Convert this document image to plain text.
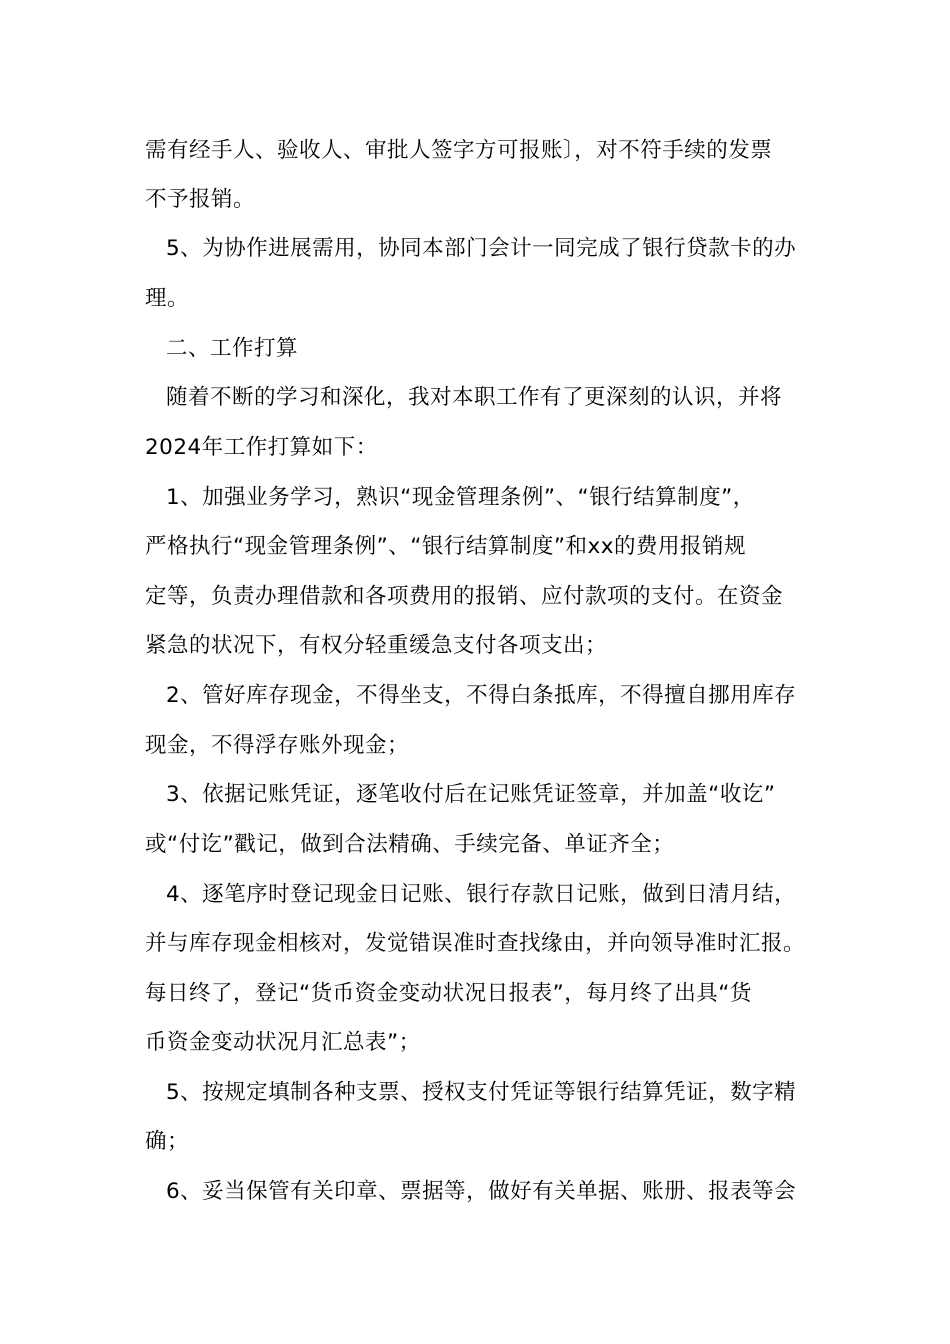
需有经手人、验收人、审批人签字方可报账〕，对不符手续的发票
不予报销。
5、为协作进展需用，协同本部门会计一同完成了银行贷款卡的办
理。
二、工作打算
随着不断的学习和深化，我对本职工作有了更深刻的认识，并将
2024年工作打算如下：
1、加强业务学习，熟识“现金管理条例”、“银行结算制度”，
严格执行“现金管理条例”、“银行结算制度”和xx的费用报销规
定等，负责办理借款和各项费用的报销、应付款项的支付。在资金
紧急的状况下，有权分轻重缓急支付各项支出；
2、管好库存现金，不得坐支，不得白条抵库，不得擅自挪用库存
现金，不得浮存账外现金；
3、依据记账凭证，逐笔收付后在记账凭证签章，并加盖“收讫”
或“付讫”戳记，做到合法精确、手续完备、单证齐全；
4、逐笔序时登记现金日记账、银行存款日记账，做到日清月结，
并与库存现金相核对，发觉错误准时查找缘由，并向领导准时汇报。
每日终了，登记“货币资金变动状况日报表”，每月终了出具“货
币资金变动状况月汇总表”；
5、按规定填制各种支票、授权支付凭证等银行结算凭证，数字精
确；
6、妥当保管有关印章、票据等，做好有关单据、账册、报表等会
